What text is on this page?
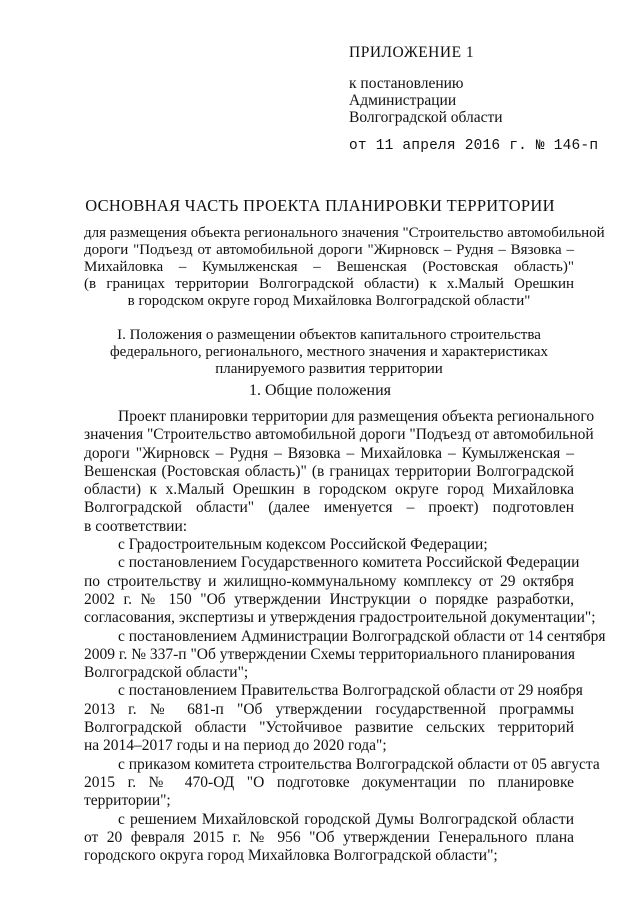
ПРИЛОЖЕНИЕ 1
к постановлению
Администрации
Волгоградской области
от 11 апреля 2016 г. № 146-п
ОСНОВНАЯ ЧАСТЬ ПРОЕКТА ПЛАНИРОВКИ ТЕРРИТОРИИ
для размещения объекта регионального значения "Строительство автомобильной
дороги "Подъезд от автомобильной дороги "Жирновск – Рудня – Вязовка –
Михайловка – Кумылженская – Вешенская (Ростовская область)"
(в границах территории Волгоградской области) к х.Малый Орешкин
в городском округе город Михайловка Волгоградской области"
I. Положения о размещении объектов капитального строительства
федерального, регионального, местного значения и характеристиках
планируемого развития территории
1. Общие положения
Проект планировки территории для размещения объекта регионального
значения "Строительство автомобильной дороги "Подъезд от автомобильной
дороги "Жирновск – Рудня – Вязовка – Михайловка – Кумылженская –
Вешенская (Ростовская область)" (в границах территории Волгоградской
области) к х.Малый Орешкин в городском округе город Михайловка
Волгоградской области" (далее именуется – проект) подготовлен
в соответствии:
с Градостроительным кодексом Российской Федерации;
с постановлением Государственного комитета Российской Федерации
по строительству и жилищно-коммунальному комплексу от 29 октября
2002 г. № 150 "Об утверждении Инструкции о порядке разработки,
согласования, экспертизы и утверждения градостроительной документации";
с постановлением Администрации Волгоградской области от 14 сентября
2009 г. № 337-п "Об утверждении Схемы территориального планирования
Волгоградской области";
с постановлением Правительства Волгоградской области от 29 ноября
2013 г. № 681-п "Об утверждении государственной программы
Волгоградской области "Устойчивое развитие сельских территорий
на 2014–2017 годы и на период до 2020 года";
с приказом комитета строительства Волгоградской области от 05 августа
2015 г. № 470-ОД "О подготовке документации по планировке
территории";
с решением Михайловской городской Думы Волгоградской области
от 20 февраля 2015 г. № 956 "Об утверждении Генерального плана
городского округа город Михайловка Волгоградской области";
